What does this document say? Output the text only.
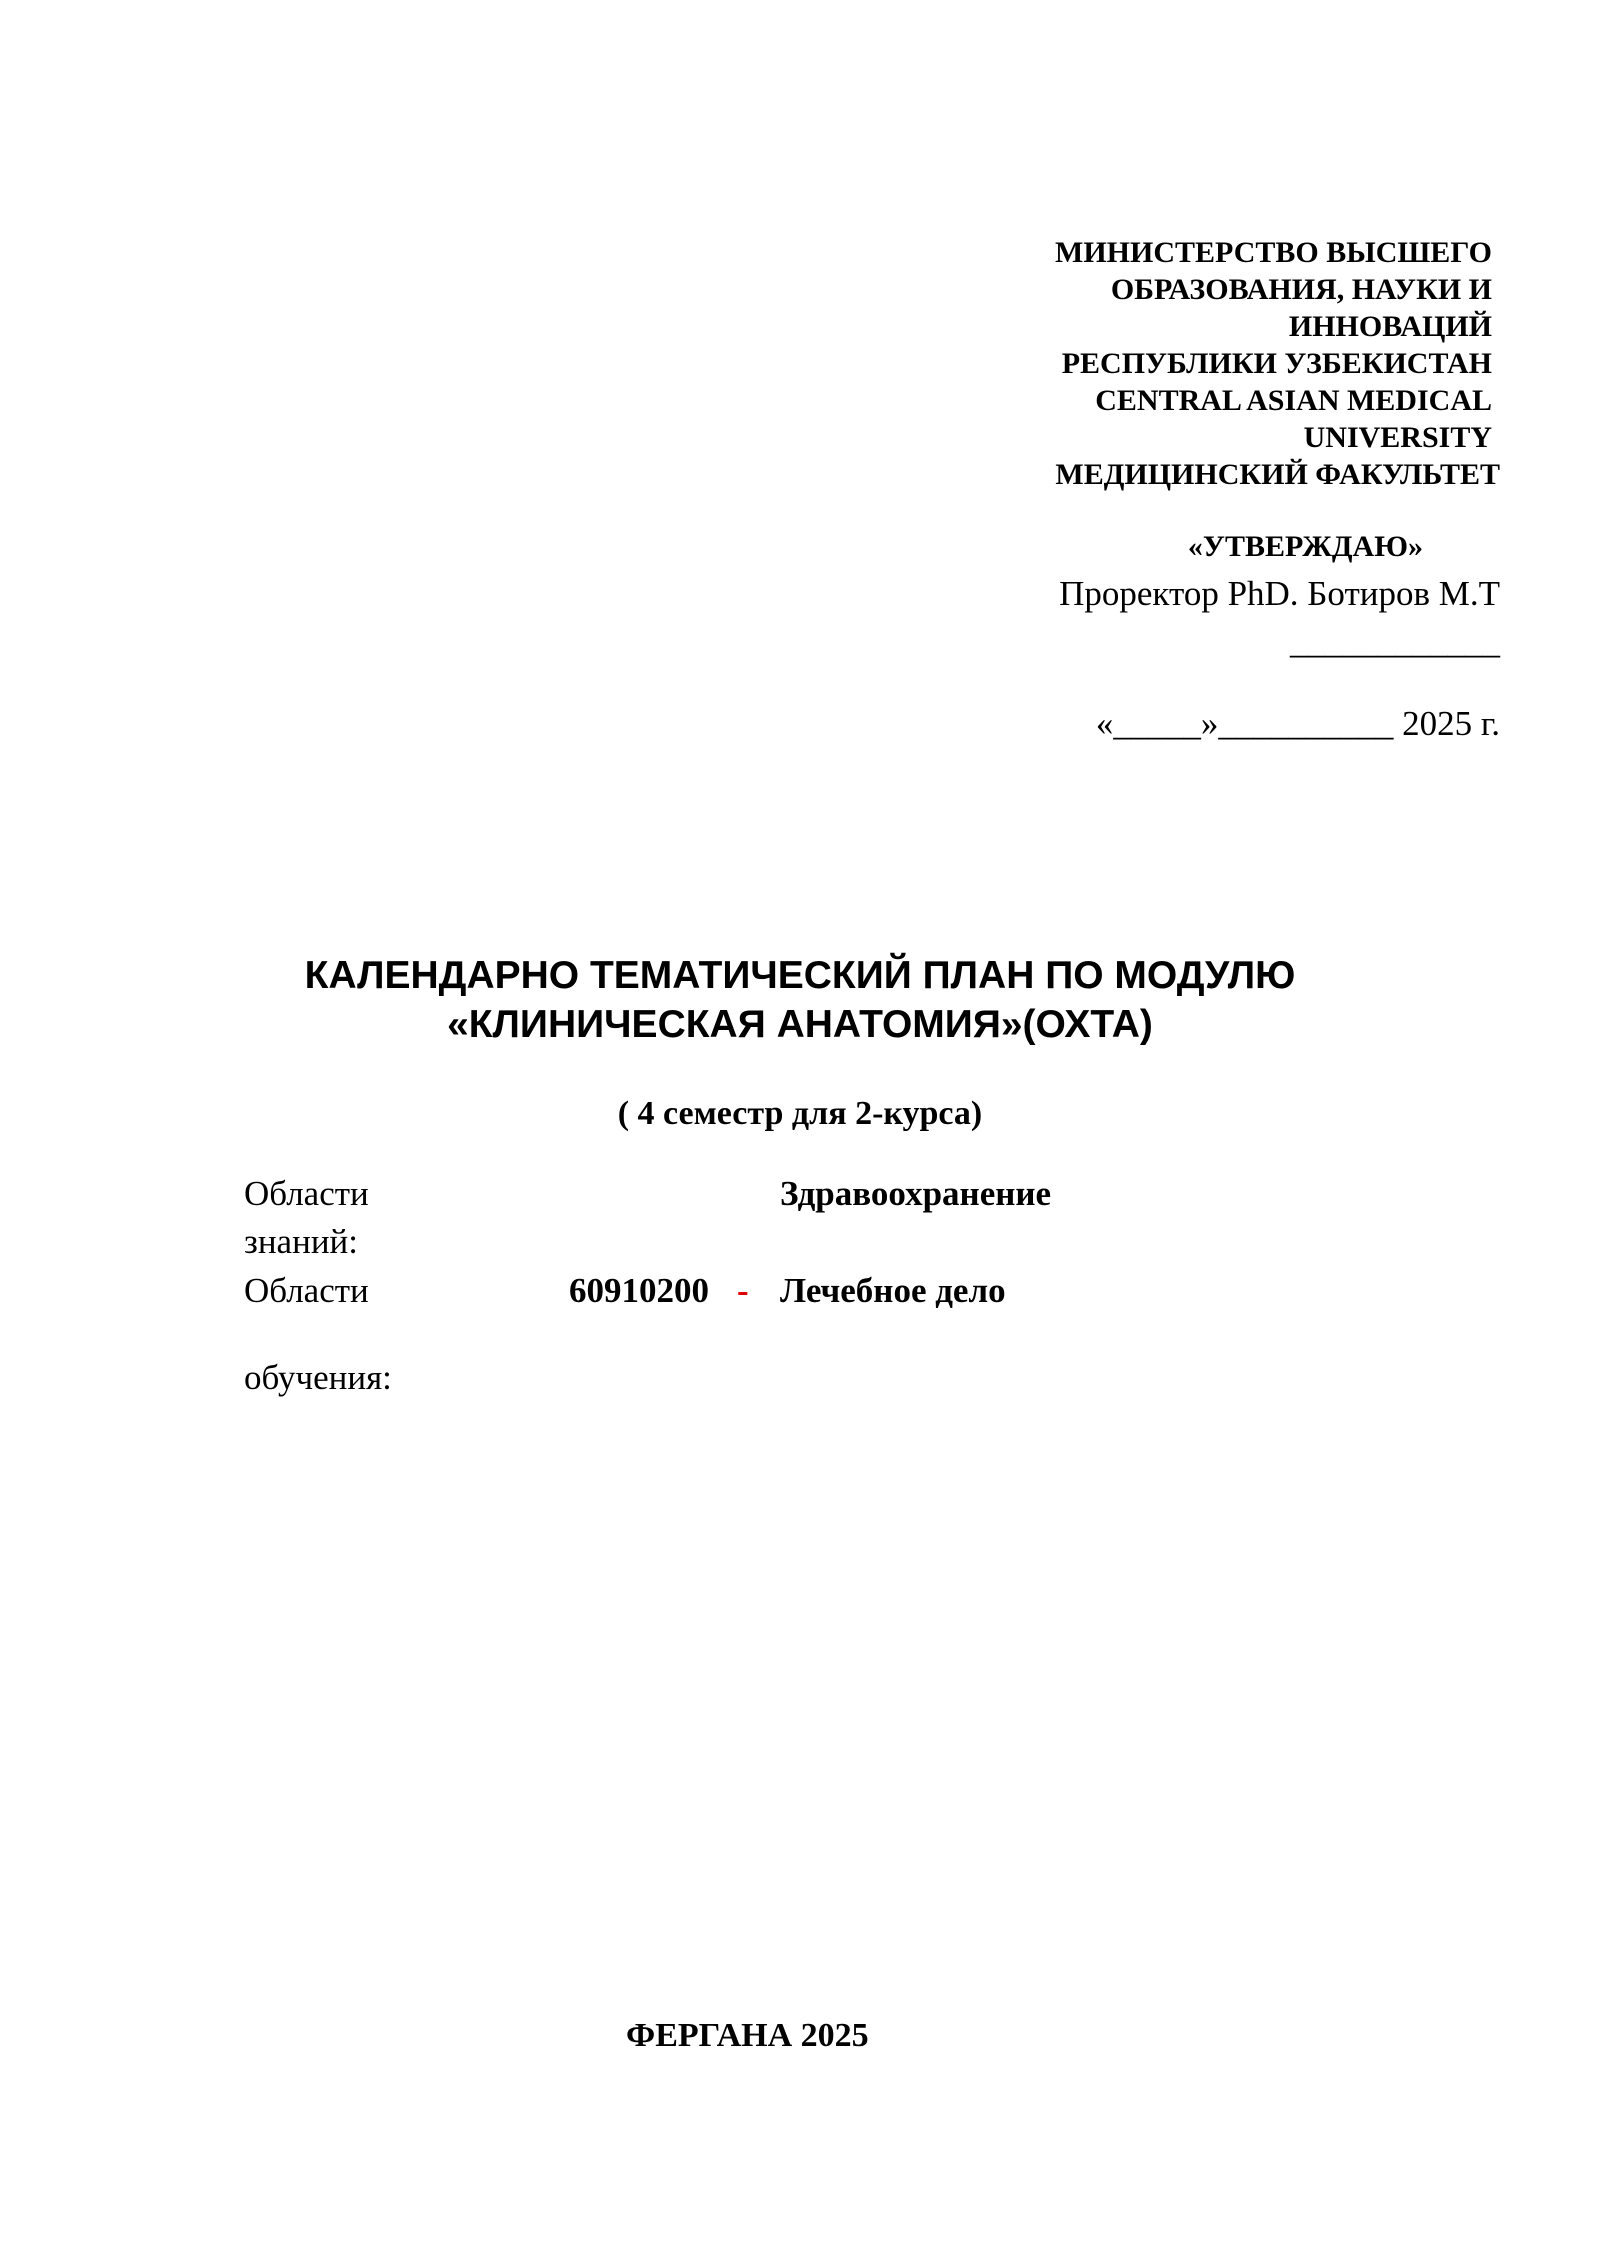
МИНИСТЕРСТВО ВЫСШЕГО

ОБРАЗОВАНИЯ, НАУКИ И

ИННОВАЦИЙ

РЕСПУБЛИКИ УЗБЕКИСТАН

CENTRAL ASIAN MEDICAL

UNIVERSITY

МЕДИЦИНСКИЙ ФАКУЛЬТЕТ

«УТВЕРЖДАЮ»

Проректор PhD. Ботиров М.Т

____________

«_____»__________ 2025 г.

КАЛЕНДАРНО ТЕМАТИЧЕСКИЙ ПЛАН ПО МОДУЛЮ

«КЛИНИЧЕСКАЯ АНАТОМИЯ»(ОХТА)

( 4 семестр для 2-курса)

Области

знаний:

Здравоохранение

Области

обучения:

60910200 - Лечебное дело

ФЕРГАНА 2025
